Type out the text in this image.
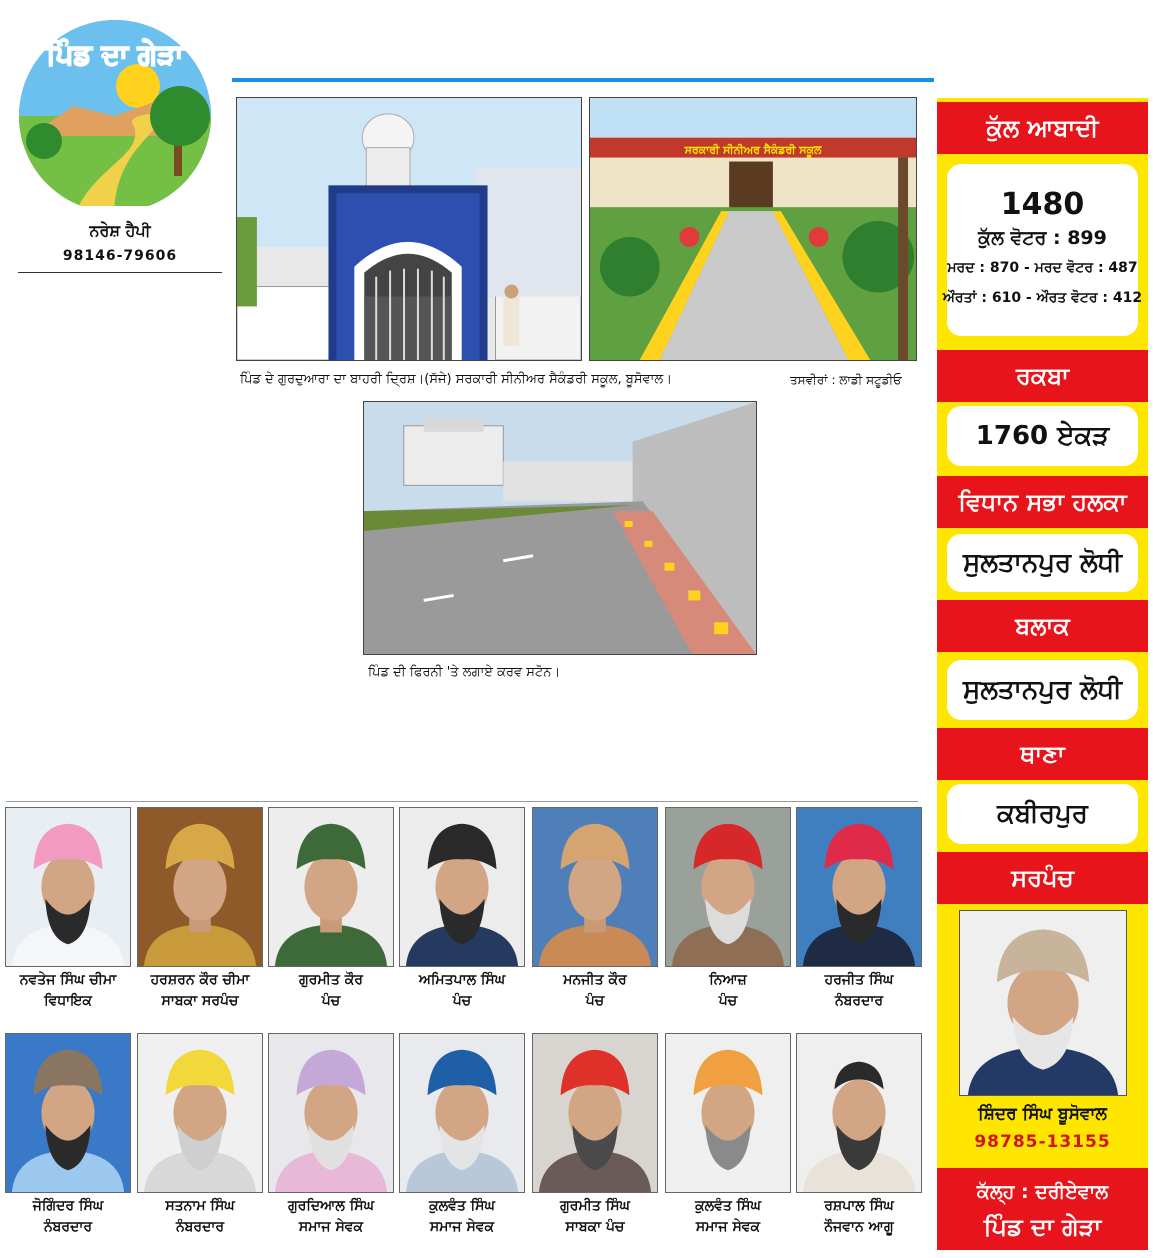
ਪਿੰਡ ਦਾ ਗੇੜਾ
ਨਰੇਸ਼ ਹੈਪੀ
98146-79606
ਸਰਕਾਰੀ ਸੀਨੀਅਰ ਸੈਕੰਡਰੀ ਸਕੂਲ
ਪਿੰਡ ਦੇ ਗੁਰਦੁਆਰਾ ਦਾ ਬਾਹਰੀ ਦ੍ਰਿਸ਼।(ਸੱਜੇ) ਸਰਕਾਰੀ ਸੀਨੀਅਰ ਸੈਕੰਡਰੀ ਸਕੂਲ, ਬੂਸੋਵਾਲ।	ਤਸਵੀਰਾਂ : ਲਾਡੀ ਸਟੂਡੀਓ
ਪਿੰਡ ਦੀ ਫਿਰਨੀ 'ਤੇ ਲਗਾਏ ਕਰਵ ਸਟੋਨ।
ਨਵਤੇਜ ਸਿੰਘ ਚੀਮਾ
ਵਿਧਾਇਕ
ਹਰਸ਼ਰਨ ਕੌਰ ਚੀਮਾ
ਸਾਬਕਾ ਸਰਪੰਚ
ਗੁਰਮੀਤ ਕੌਰ
ਪੰਚ
ਅਮਿਤਪਾਲ ਸਿੰਘ
ਪੰਚ
ਮਨਜੀਤ ਕੌਰ
ਪੰਚ
ਨਿਆਜ਼
ਪੰਚ
ਹਰਜੀਤ ਸਿੰਘ
ਨੰਬਰਦਾਰ
ਜੋਗਿੰਦਰ ਸਿੰਘ
ਨੰਬਰਦਾਰ
ਸਤਨਾਮ ਸਿੰਘ
ਨੰਬਰਦਾਰ
ਗੁਰਦਿਆਲ ਸਿੰਘ
ਸਮਾਜ ਸੇਵਕ
ਕੁਲਵੰਤ ਸਿੰਘ
ਸਮਾਜ ਸੇਵਕ
ਗੁਰਮੀਤ ਸਿੰਘ
ਸਾਬਕਾ ਪੰਚ
ਕੁਲਵੰਤ ਸਿੰਘ
ਸਮਾਜ ਸੇਵਕ
ਰਸ਼ਪਾਲ ਸਿੰਘ
ਨੌਜਵਾਨ ਆਗੂ
ਕੁੱਲ ਆਬਾਦੀ
1480
ਕੁੱਲ ਵੋਟਰ : 899
ਮਰਦ : 870 - ਮਰਦ ਵੋਟਰ : 487
ਔਰਤਾਂ : 610 - ਔਰਤ ਵੋਟਰ : 412
ਰਕਬਾ
1760 ਏਕੜ
ਵਿਧਾਨ ਸਭਾ ਹਲਕਾ
ਸੁਲਤਾਨਪੁਰ ਲੋਧੀ
ਬਲਾਕ
ਸੁਲਤਾਨਪੁਰ ਲੋਧੀ
ਥਾਣਾ
ਕਬੀਰਪੁਰ
ਸਰਪੰਚ
ਸ਼ਿੰਦਰ ਸਿੰਘ ਬੂਸੋਵਾਲ
98785-13155
ਕੱਲ੍ਹ : ਦਰੀਏਵਾਲ
ਪਿੰਡ ਦਾ ਗੇੜਾ
